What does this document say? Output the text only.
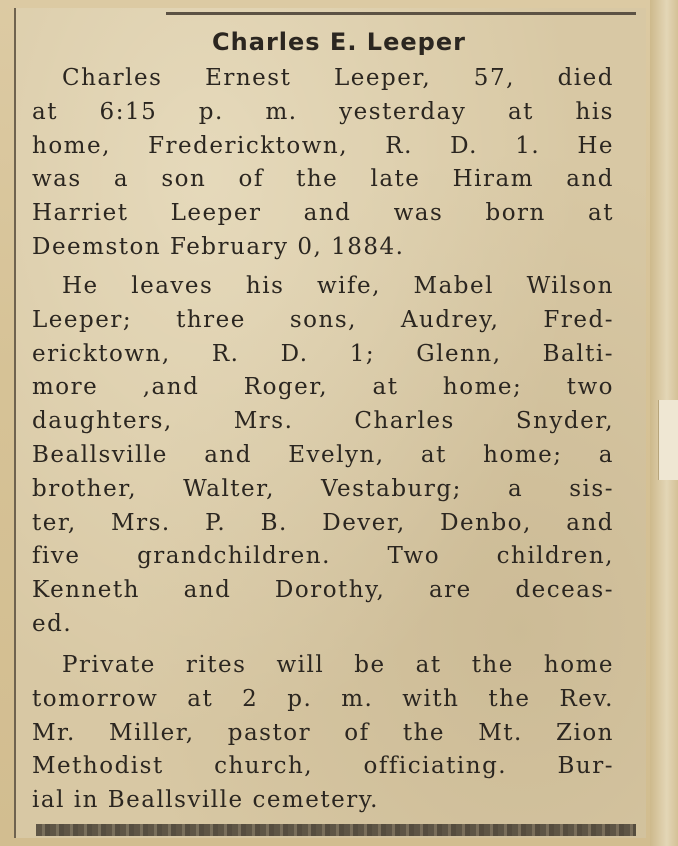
Charles E. Leeper
Charles Ernest Leeper, 57, died
at 6:15 p. m. yesterday at his
home, Fredericktown, R. D. 1. He
was a son of the late Hiram and
Harriet Leeper and was born at
Deemston February 0, 1884.
He leaves his wife, Mabel Wilson
Leeper; three sons, Audrey, Fred-
ericktown, R. D. 1; Glenn, Balti-
more ,and Roger, at home; two
daughters, Mrs. Charles Snyder,
Beallsville and Evelyn, at home; a
brother, Walter, Vestaburg; a sis-
ter, Mrs. P. B. Dever, Denbo, and
five grandchildren. Two children,
Kenneth and Dorothy, are deceas-
ed.
Private rites will be at the home
tomorrow at 2 p. m. with the Rev.
Mr. Miller, pastor of the Mt. Zion
Methodist church, officiating. Bur-
ial in Beallsville cemetery.
